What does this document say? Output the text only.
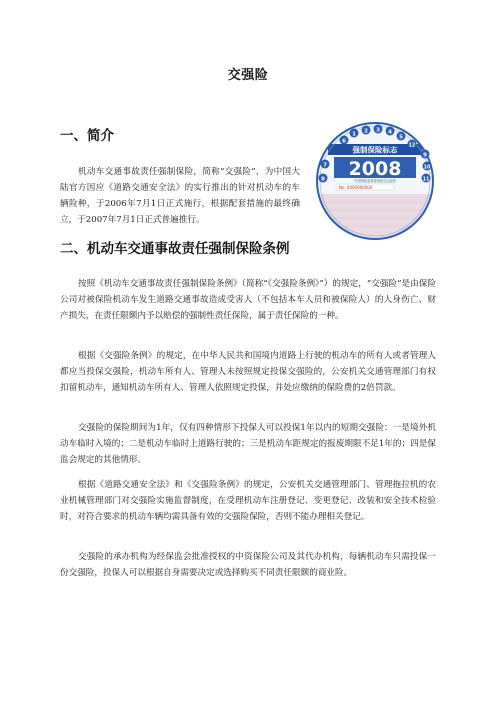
交强险
一、简介
机动车交通事故责任强制保险，简称“交强险”，为中国大陆官方因应《道路交通安全法》的实行推出的针对机动车的车辆险种，于2006年7月1日正式施行，根据配套措施的最终确立，于2007年7月1日正式普遍推行。
1 2 3 4
5
6
7
8
9
10
11
12
强制保险标志
2008
中国保险监督管理委员会监制
No. 0000000000
二、机动车交通事故责任强制保险条例
按照《机动车交通事故责任强制保险条例》（简称“《交强险条例》”）的规定，“交强险”是由保险公司对被保险机动车发生道路交通事故造成受害人（不包括本车人员和被保险人）的人身伤亡、财产损失，在责任限额内予以赔偿的强制性责任保险，属于责任保险的一种。
根据《交强险条例》的规定，在中华人民共和国境内道路上行驶的机动车的所有人或者管理人都应当投保交强险，机动车所有人、管理人未按照规定投保交强险的，公安机关交通管理部门有权扣留机动车，通知机动车所有人、管理人依照规定投保，并处应缴纳的保险费的2倍罚款。
交强险的保险期间为1年，仅有四种情形下投保人可以投保1年以内的短期交强险：一是境外机动车临时入境的；二是机动车临时上道路行驶的；三是机动车距规定的报废期限不足1年的；四是保监会规定的其他情形。
根据《道路交通安全法》和《交强险条例》的规定，公安机关交通管理部门、管理拖拉机的农业机械管理部门对交强险实施监督制度，在受理机动车注册登记、变更登记、改装和安全技术检验时，对符合要求的机动车辆均需具备有效的交强险保险，否则不能办理相关登记。
交强险的承办机构为经保监会批准授权的中资保险公司及其代办机构，每辆机动车只需投保一份交强险，投保人可以根据自身需要决定或选择购买不同责任限额的商业险。
